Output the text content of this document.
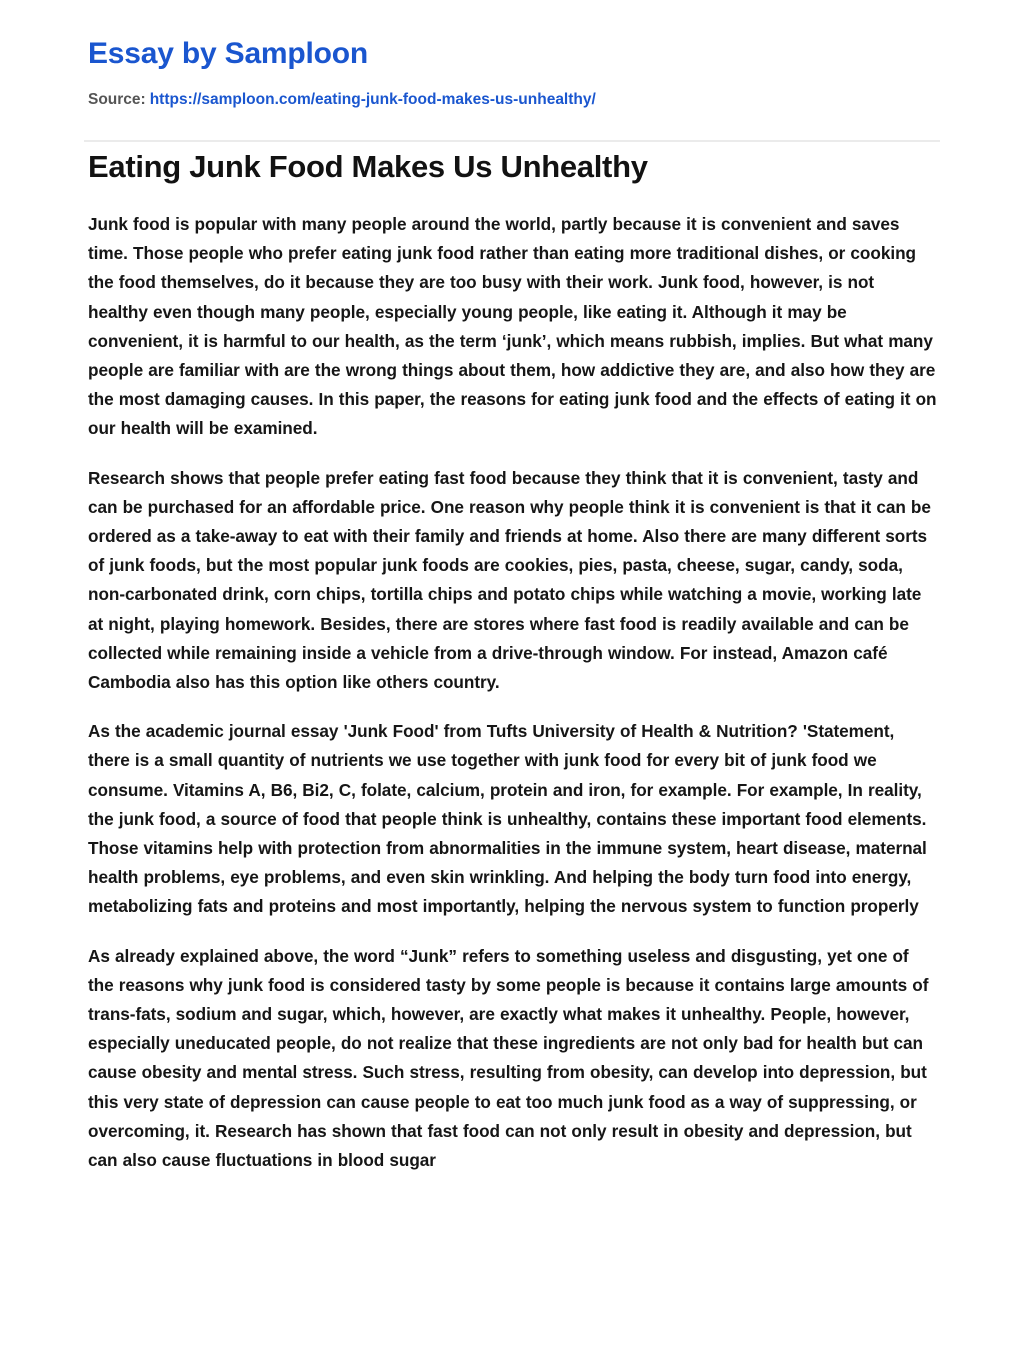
Essay by Samploon
Source: https://samploon.com/eating-junk-food-makes-us-unhealthy/
Eating Junk Food Makes Us Unhealthy

Junk food is popular with many people around the world, partly because it is convenient and saves time. Those people who prefer eating junk food rather than eating more traditional dishes, or cooking the food themselves, do it because they are too busy with their work. Junk food, however, is not healthy even though many people, especially young people, like eating it. Although it may be convenient, it is harmful to our health, as the term ‘junk’, which means rubbish, implies. But what many people are familiar with are the wrong things about them, how addictive they are, and also how they are the most damaging causes. In this paper, the reasons for eating junk food and the effects of eating it on our health will be examined.

Research shows that people prefer eating fast food because they think that it is convenient, tasty and can be purchased for an affordable price. One reason why people think it is convenient is that it can be ordered as a take-away to eat with their family and friends at home. Also there are many different sorts of junk foods, but the most popular junk foods are cookies, pies, pasta, cheese, sugar, candy, soda, non-carbonated drink, corn chips, tortilla chips and potato chips while watching a movie, working late at night, playing homework. Besides, there are stores where fast food is readily available and can be collected while remaining inside a vehicle from a drive-through window. For instead, Amazon café Cambodia also has this option like others country.

As the academic journal essay 'Junk Food' from Tufts University of Health & Nutrition? 'Statement, there is a small quantity of nutrients we use together with junk food for every bit of junk food we consume. Vitamins A, B6, Bi2, C, folate, calcium, protein and iron, for example. For example, In reality, the junk food, a source of food that people think is unhealthy, contains these important food elements. Those vitamins help with protection from abnormalities in the immune system, heart disease, maternal health problems, eye problems, and even skin wrinkling. And helping the body turn food into energy, metabolizing fats and proteins and most importantly, helping the nervous system to function properly

As already explained above, the word “Junk” refers to something useless and disgusting, yet one of the reasons why junk food is considered tasty by some people is because it contains large amounts of trans-fats, sodium and sugar, which, however, are exactly what makes it unhealthy. People, however, especially uneducated people, do not realize that these ingredients are not only bad for health but can cause obesity and mental stress. Such stress, resulting from obesity, can develop into depression, but this very state of depression can cause people to eat too much junk food as a way of suppressing, or overcoming, it. Research has shown that fast food can not only result in obesity and depression, but can also cause fluctuations in blood sugar
